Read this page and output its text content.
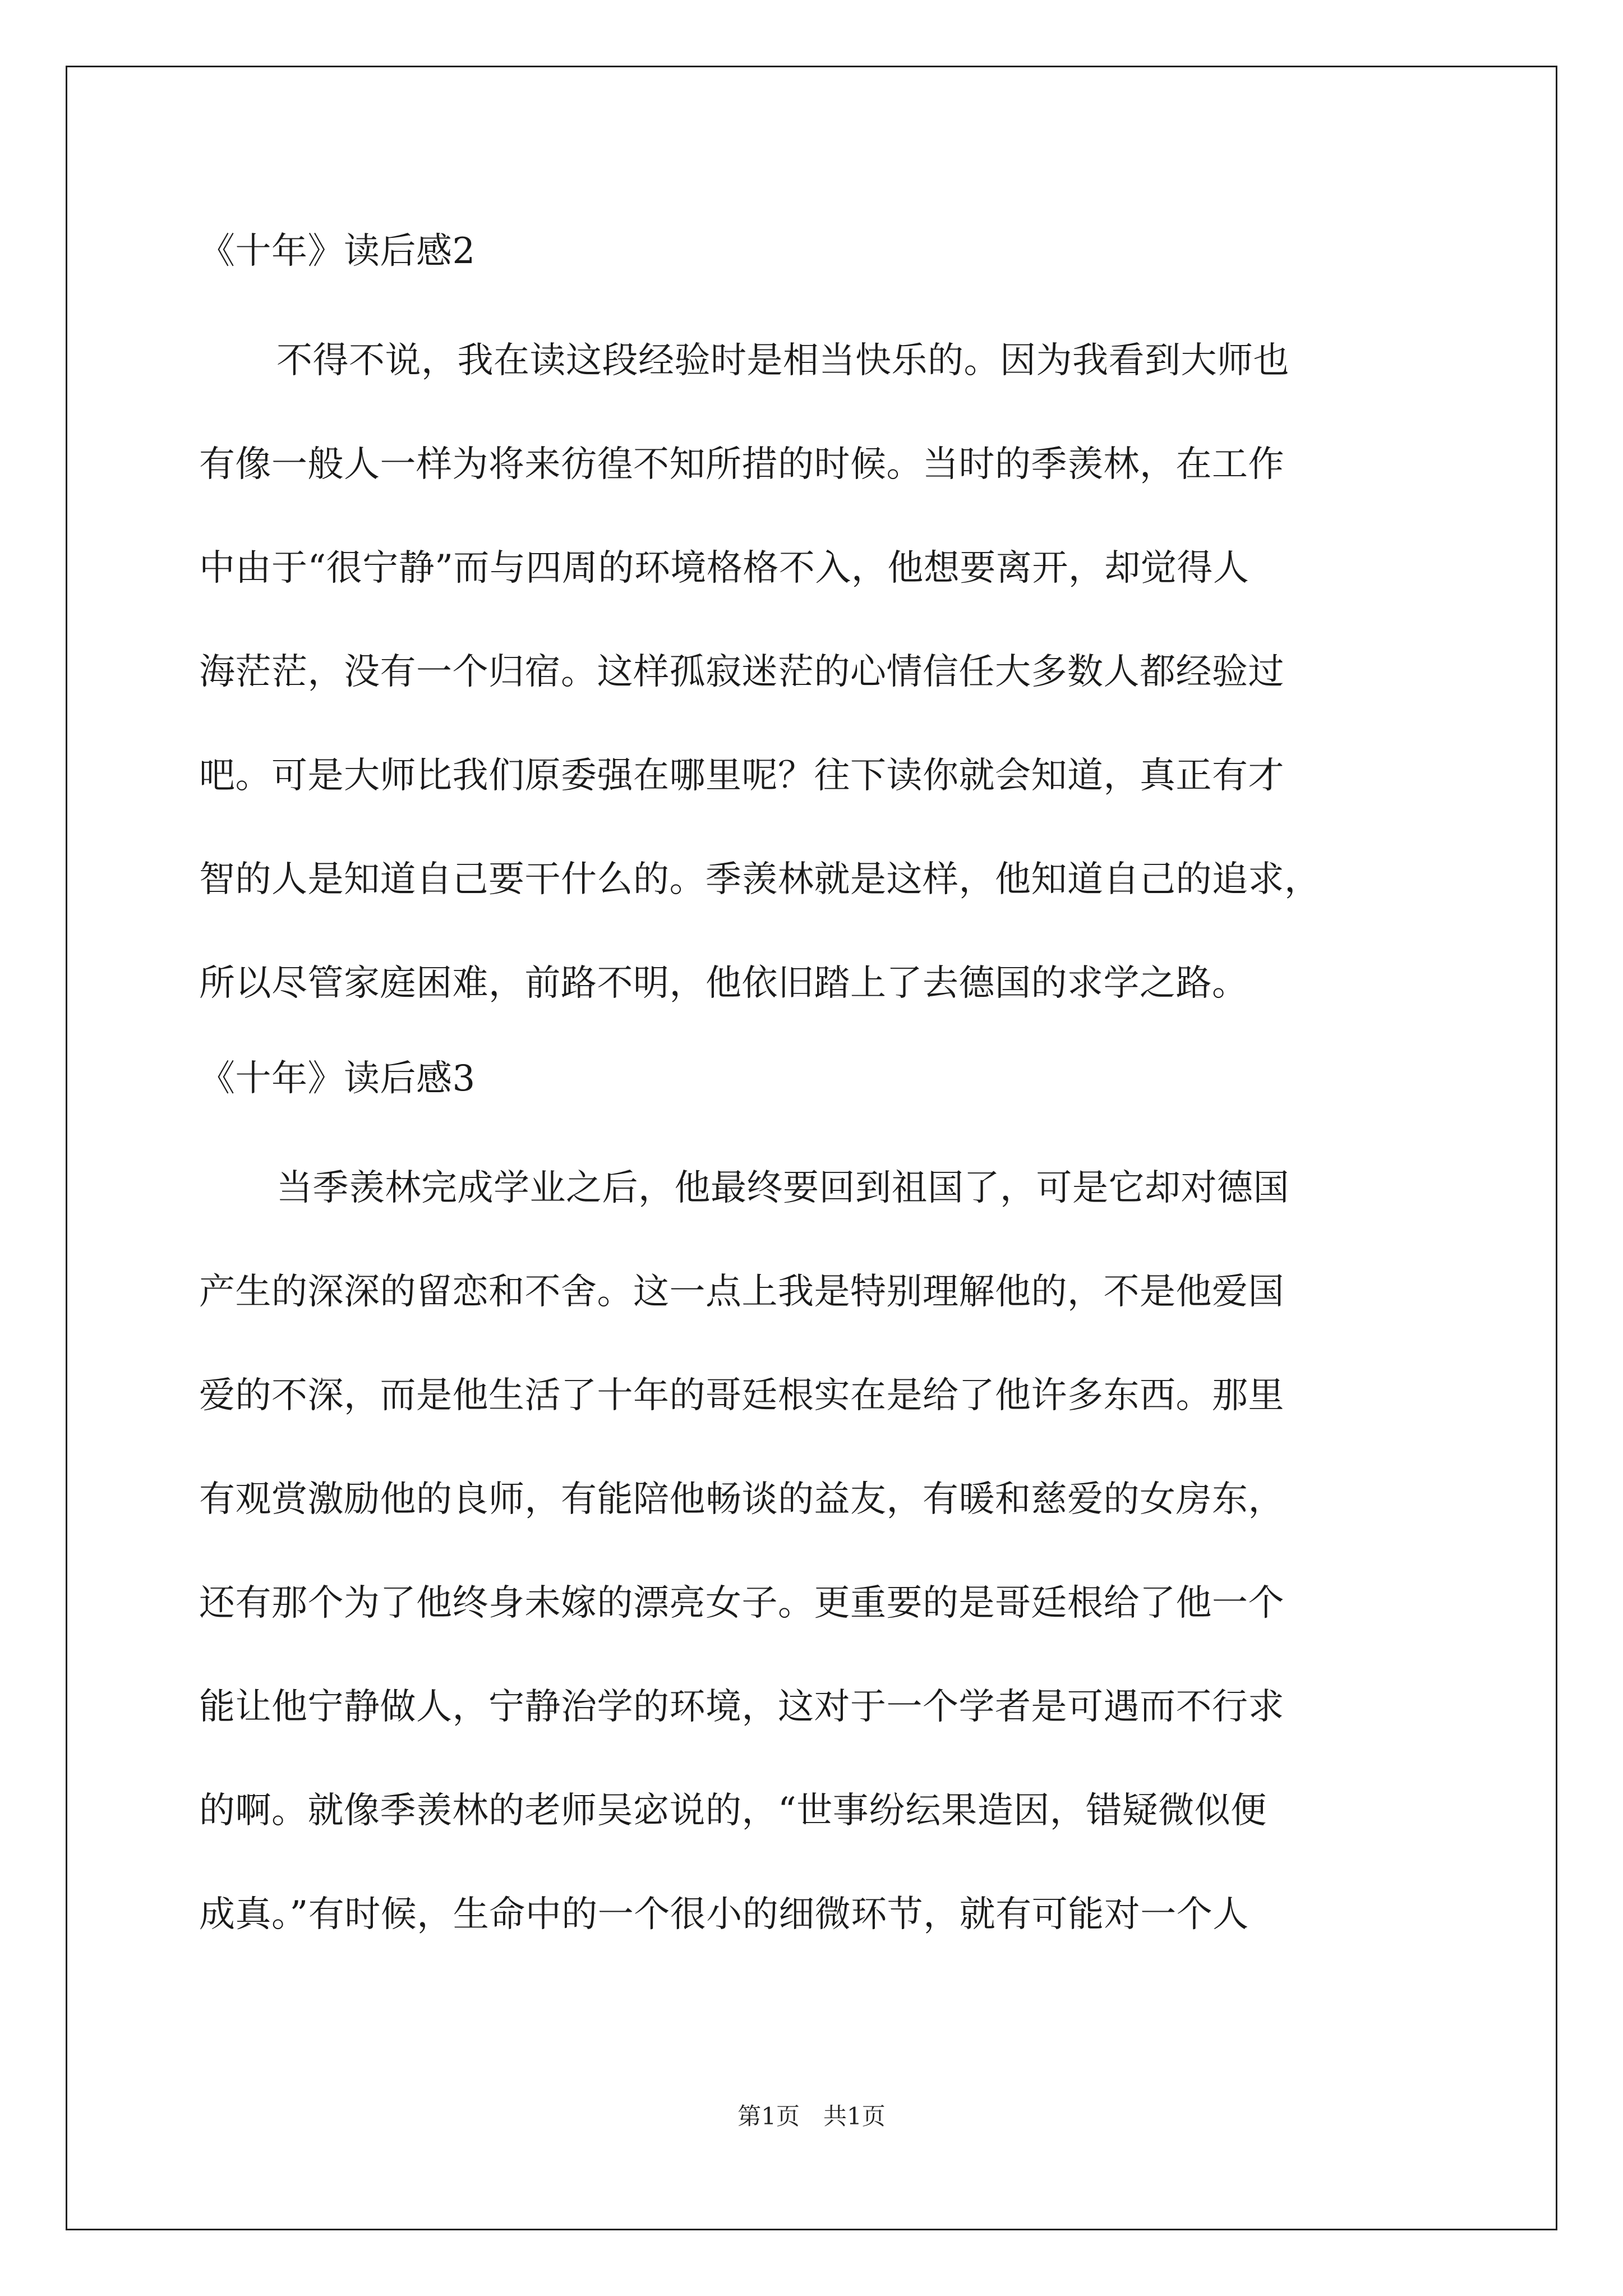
《十年》读后感2
不得不说，我在读这段经验时是相当快乐的。因为我看到大师也
有像一般人一样为将来彷徨不知所措的时候。当时的季羡林，在工作
中由于“很宁静”而与四周的环境格格不入，他想要离开，却觉得人
海茫茫，没有一个归宿。这样孤寂迷茫的心情信任大多数人都经验过
吧。可是大师比我们原委强在哪里呢？往下读你就会知道，真正有才
智的人是知道自己要干什么的。季羡林就是这样，他知道自己的追求，
所以尽管家庭困难，前路不明，他依旧踏上了去德国的求学之路。
《十年》读后感3
当季羡林完成学业之后，他最终要回到祖国了，可是它却对德国
产生的深深的留恋和不舍。这一点上我是特别理解他的，不是他爱国
爱的不深，而是他生活了十年的哥廷根实在是给了他许多东西。那里
有观赏激励他的良师，有能陪他畅谈的益友，有暖和慈爱的女房东，
还有那个为了他终身未嫁的漂亮女子。更重要的是哥廷根给了他一个
能让他宁静做人，宁静治学的环境，这对于一个学者是可遇而不行求
的啊。就像季羡林的老师吴宓说的，“世事纷纭果造因，错疑微似便
成真。”有时候，生命中的一个很小的细微环节，就有可能对一个人
第1页　共1页
